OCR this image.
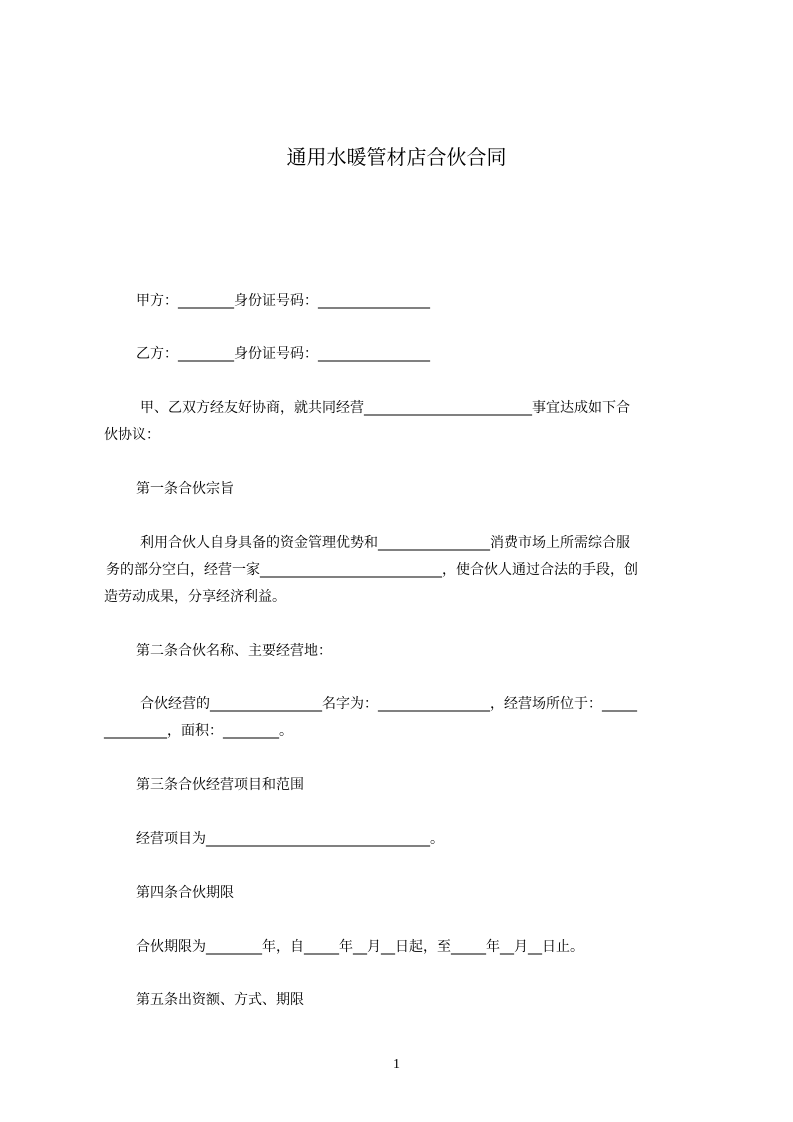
通用水暖管材店合伙合同
甲方：________身份证号码：________________
乙方：________身份证号码：________________
甲、乙双方经友好协商，就共同经营________________________事宜达成如下合
伙协议：
第一条合伙宗旨
利用合伙人自身具备的资金管理优势和________________消费市场上所需综合服
务的部分空白，经营一家__________________________，使合伙人通过合法的手段，创
造劳动成果，分享经济利益。
第二条合伙名称、主要经营地：
合伙经营的________________名字为：________________，经营场所位于：_____
_________，面积：________。
第三条合伙经营项目和范围
经营项目为________________________________。
第四条合伙期限
合伙期限为________年，自_____年__月__日起，至_____年__月__日止。
第五条出资额、方式、期限
1
